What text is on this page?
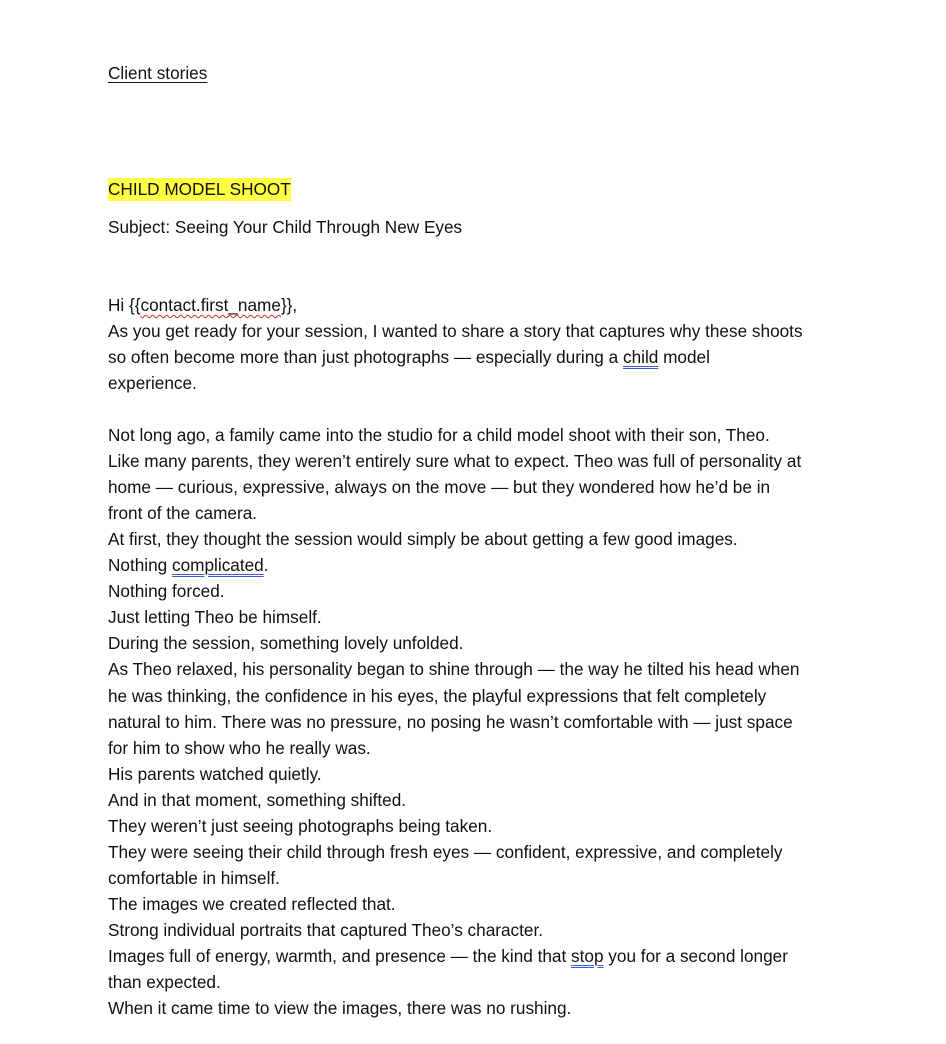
Client stories
CHILD MODEL SHOOT
Subject: Seeing Your Child Through New Eyes
Hi {{contact.first_name}},
As you get ready for your session, I wanted to share a story that captures why these shoots
so often become more than just photographs — especially during a child model
experience.
Not long ago, a family came into the studio for a child model shoot with their son, Theo.
Like many parents, they weren’t entirely sure what to expect. Theo was full of personality at
home — curious, expressive, always on the move — but they wondered how he’d be in
front of the camera.
At first, they thought the session would simply be about getting a few good images.
Nothing complicated.
Nothing forced.
Just letting Theo be himself.
During the session, something lovely unfolded.
As Theo relaxed, his personality began to shine through — the way he tilted his head when
he was thinking, the confidence in his eyes, the playful expressions that felt completely
natural to him. There was no pressure, no posing he wasn’t comfortable with — just space
for him to show who he really was.
His parents watched quietly.
And in that moment, something shifted.
They weren’t just seeing photographs being taken.
They were seeing their child through fresh eyes — confident, expressive, and completely
comfortable in himself.
The images we created reflected that.
Strong individual portraits that captured Theo’s character.
Images full of energy, warmth, and presence — the kind that stop you for a second longer
than expected.
When it came time to view the images, there was no rushing.
